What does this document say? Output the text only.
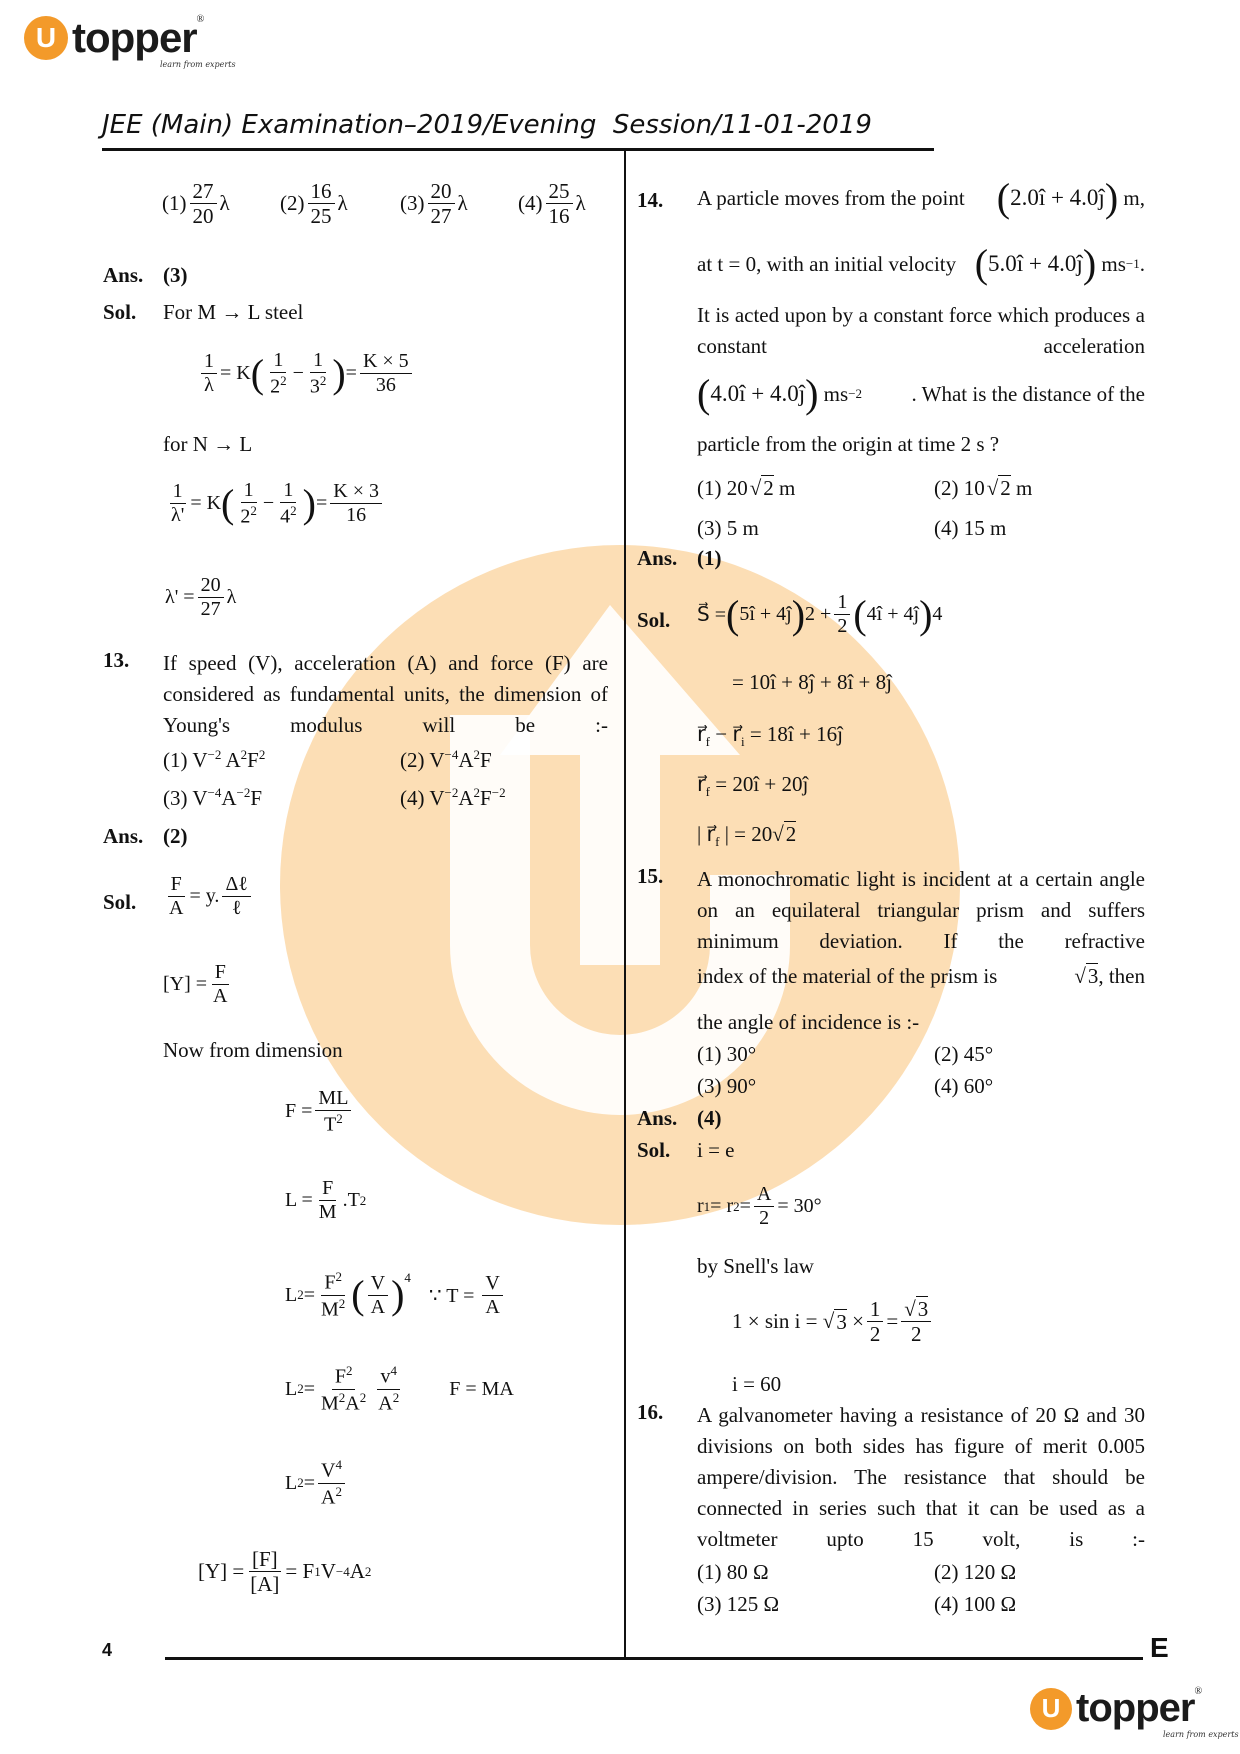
U topper ®
learn from experts
JEE (Main) Examination–2019/Evening  Session/11-01-2019
$(1) \frac{27}{20}$ λ $(2) \frac{16}{25}$ λ $(3) \frac{20}{27}$ λ $(4) \frac{25}{16}$ λ
Ans. (3)
Sol. For M → L steel
$\frac{1}{\lambda} = K$ ( $\frac{1}{2^2} - \frac{1}{3^2}$ ) = $\frac{K \times 5}{36}$
for N → L
$\frac{1}{\lambda'} = K$ ( $\frac{1}{2^2} - \frac{1}{4^2}$ ) = $\frac{K \times 3}{16}$
$\lambda' = \frac{20}{27}$ λ
13. If speed (V), acceleration (A) and force (F) are considered as fundamental units, the dimension of Young's modulus will be :-
(1) $V^{-2}$ $A^2F^2$	(2) $V^{-4}A^2F$
(3) $V^{-4}A^{-2}F$	(4) $V^{-2}A^2F^{-2}$
Ans. (2)
Sol. $\frac{F}{A} = y$. $\frac{\text{Δℓ}}{\text{ℓ}}$
$[Y] = \frac{F}{A}$
Now from dimension
$F = \frac{ML}{T^2}$
$L = \frac{F}{M} .T$ 2
L $2 = \frac{F^2}{M^2}$ ( $\frac{V}{A} )^4$
∵ $T = \frac{V}{A}$
L $2 = \frac{F^2}{M^2A^2} \frac{v^4}{A^2}$ F = MA
L $2 = \frac{V^4}{A^2}$
$[Y] = \frac{[F]}{[A]} = F$ 1 V −4 A 2
14. A particle moves from the point ( 2.0î + 4.0ĵ )
m,
at t = 0, with an initial velocity ( 5.0î + 4.0ĵ )
ms −1 .
It is acted upon by a constant force which produces a constant acceleration
( 4.0î + 4.0ĵ )
ms −2	. What is the distance of the
particle from the origin at time 2 s ?
(1) 20√2 m	(2) 10√2 m
(3) 5 m	(4) 15 m
Ans. (1)
Sol. S⃗ = ( 5î + 4ĵ ) $2 + \frac{1}{2}$ ( 4î + 4ĵ ) 4
= 10î + 8ĵ + 8î + 8ĵ
$r⃗_f$ − $r⃗_i$ = 18î + 16ĵ
$r⃗_f$ = 20î + 20ĵ
| $r⃗_f$ | = 20√2
15. A monochromatic light is incident at a certain angle on an equilateral triangular prism and suffers minimum deviation. If the refractive
index of the material of the prism is	√3, then
the angle of incidence is :-
(1) 30°	(2) 45°
(3) 90°	(4) 60°
Ans. (4)
Sol. i = e
r 1 = r $2 = \frac{A}{2} = 30^\circ$
by Snell's law
1 × sin i = √ $3 \times \frac{1}{2} = \frac{√3}{2}$
i = 60
16. A galvanometer having a resistance of 20 Ω and 30 divisions on both sides has figure of merit 0.005 ampere/division. The resistance that should be connected in series such that it can be used as a voltmeter upto 15 volt, is :-
(1) 80 Ω	(2) 120 Ω
(3) 125 Ω	(4) 100 Ω
4	E
U topper ®
learn from experts
